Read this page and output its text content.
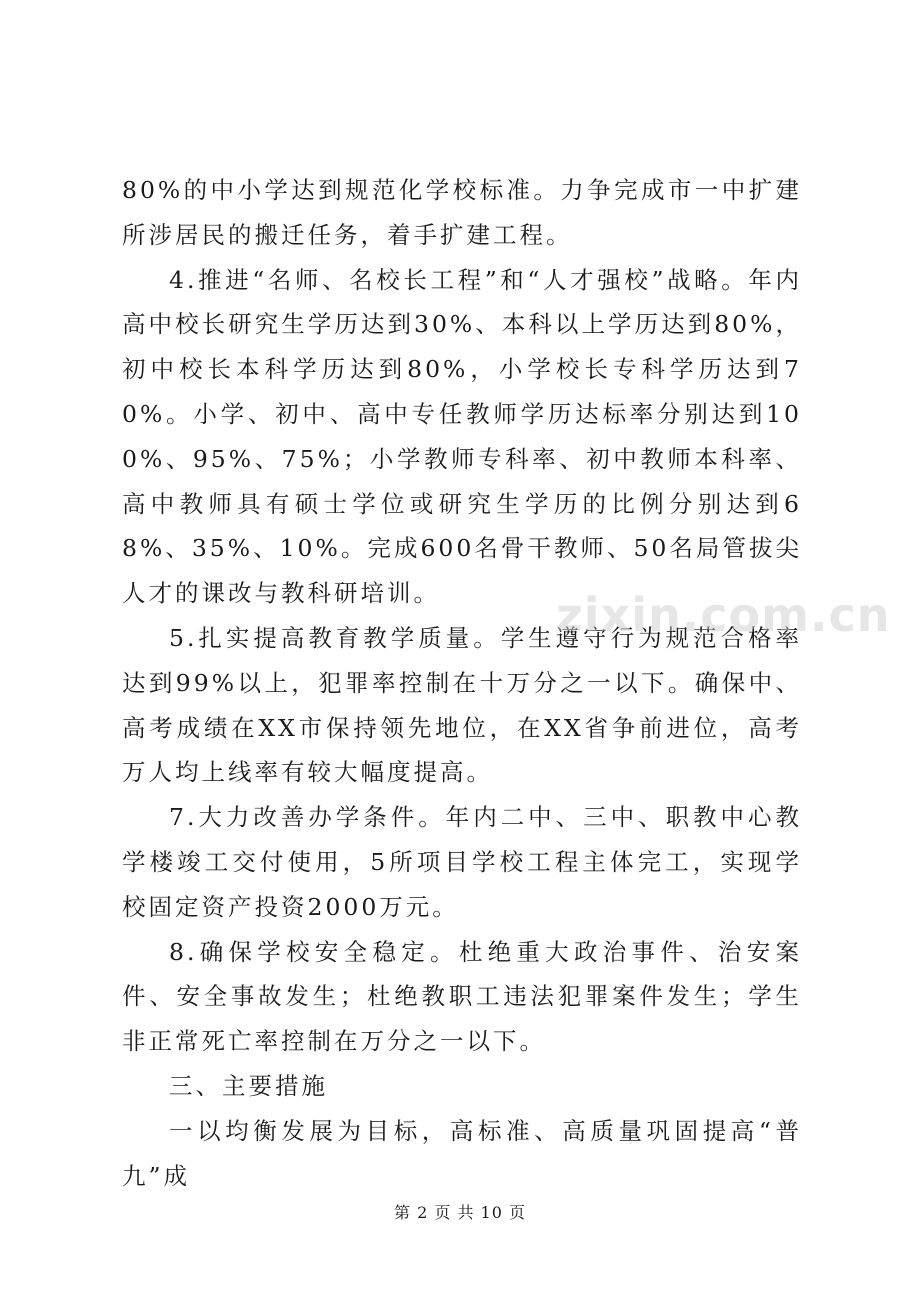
80%的中小学达到规范化学校标准。力争完成市一中扩建所涉居民的搬迁任务，着手扩建工程。

4.推进“名师、名校长工程”和“人才强校”战略。年内高中校长研究生学历达到30%、本科以上学历达到80%，初中校长本科学历达到80%，小学校长专科学历达到70%。小学、初中、高中专任教师学历达标率分别达到100%、95%、75%；小学教师专科率、初中教师本科率、高中教师具有硕士学位或研究生学历的比例分别达到68%、35%、10%。完成600名骨干教师、50名局管拔尖人才的课改与教科研培训。

5.扎实提高教育教学质量。学生遵守行为规范合格率达到99%以上，犯罪率控制在十万分之一以下。确保中、高考成绩在XX市保持领先地位，在XX省争前进位，高考万人均上线率有较大幅度提高。

7.大力改善办学条件。年内二中、三中、职教中心教学楼竣工交付使用，5所项目学校工程主体完工，实现学校固定资产投资2000万元。

8.确保学校安全稳定。杜绝重大政治事件、治安案件、安全事故发生；杜绝教职工违法犯罪案件发生；学生非正常死亡率控制在万分之一以下。

三、主要措施

一以均衡发展为目标，高标准、高质量巩固提高“普九”成

zixin.com.cn
第 2 页 共 10 页
